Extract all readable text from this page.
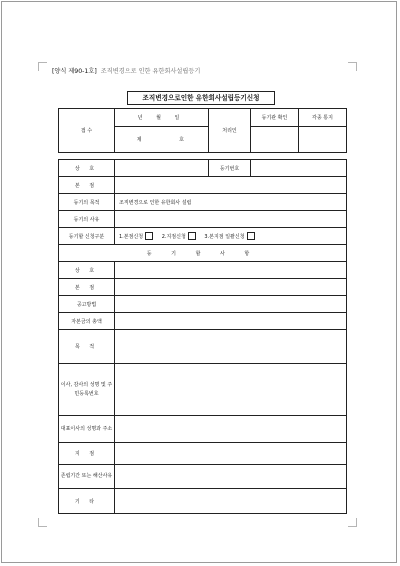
[양식 제90-1호] 조직변경으로 인한 유한회사설립등기
조직변경으로인한 유한회사설립등기신청
접 수	년 월 일	처리인	등기관 확인	각종 통지
	제 호			
상 호		등기번호	
본 점			
등기의 목적	조직변경으로 인한 유한회사 설립		
등기의 사유			
등기할 신청구분	1.본점신청 2.지점신청 3.본지점 일괄신청		
등 기 할 사 항			
상 호			
본 점			
공고방법			
자본금의 총액			
목 적			
이사, 감사의 성명 및 주민등록번호			
대표이사의 성명과 주소			
지 점			
존립기간 또는 해산사유			
기 타			
